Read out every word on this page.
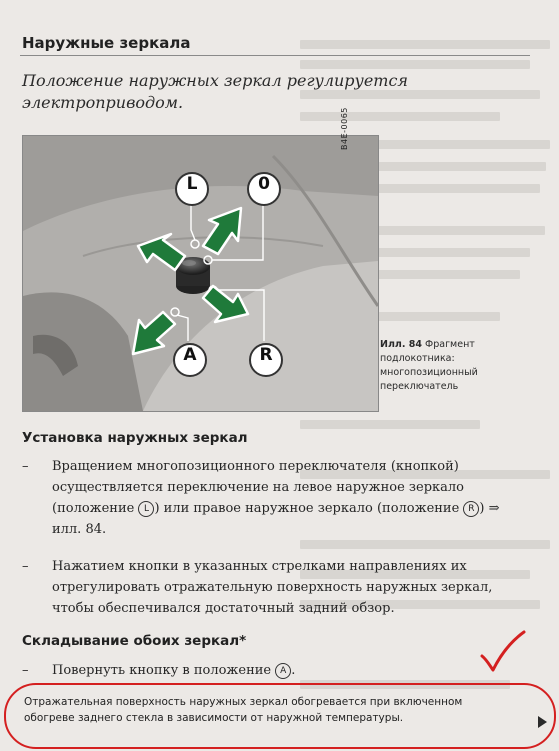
Наружные зеркала
Положение наружных зеркал регулируется электроприводом.
L	0
A	R
B4E-0065
Илл. 84 Фрагмент подлокотника: многопозиционный переключатель
Установка наружных зеркал
– Вращением многопозиционного переключателя (кнопкой) осуществляется переключение на левое наружное зеркало (положение L ) или правое наружное зеркало (положение R ) ⇒ илл. 84.
– Нажатием кнопки в указанных стрелками направлениях их отрегулировать отражательную поверхность наружных зеркал, чтобы обеспечивался достаточный задний обзор.
Складывание обоих зеркал*
– Повернуть кнопку в положение A .
Отражательная поверхность наружных зеркал обогревается при включенном обогреве заднего стекла в зависимости от наружной температуры.
